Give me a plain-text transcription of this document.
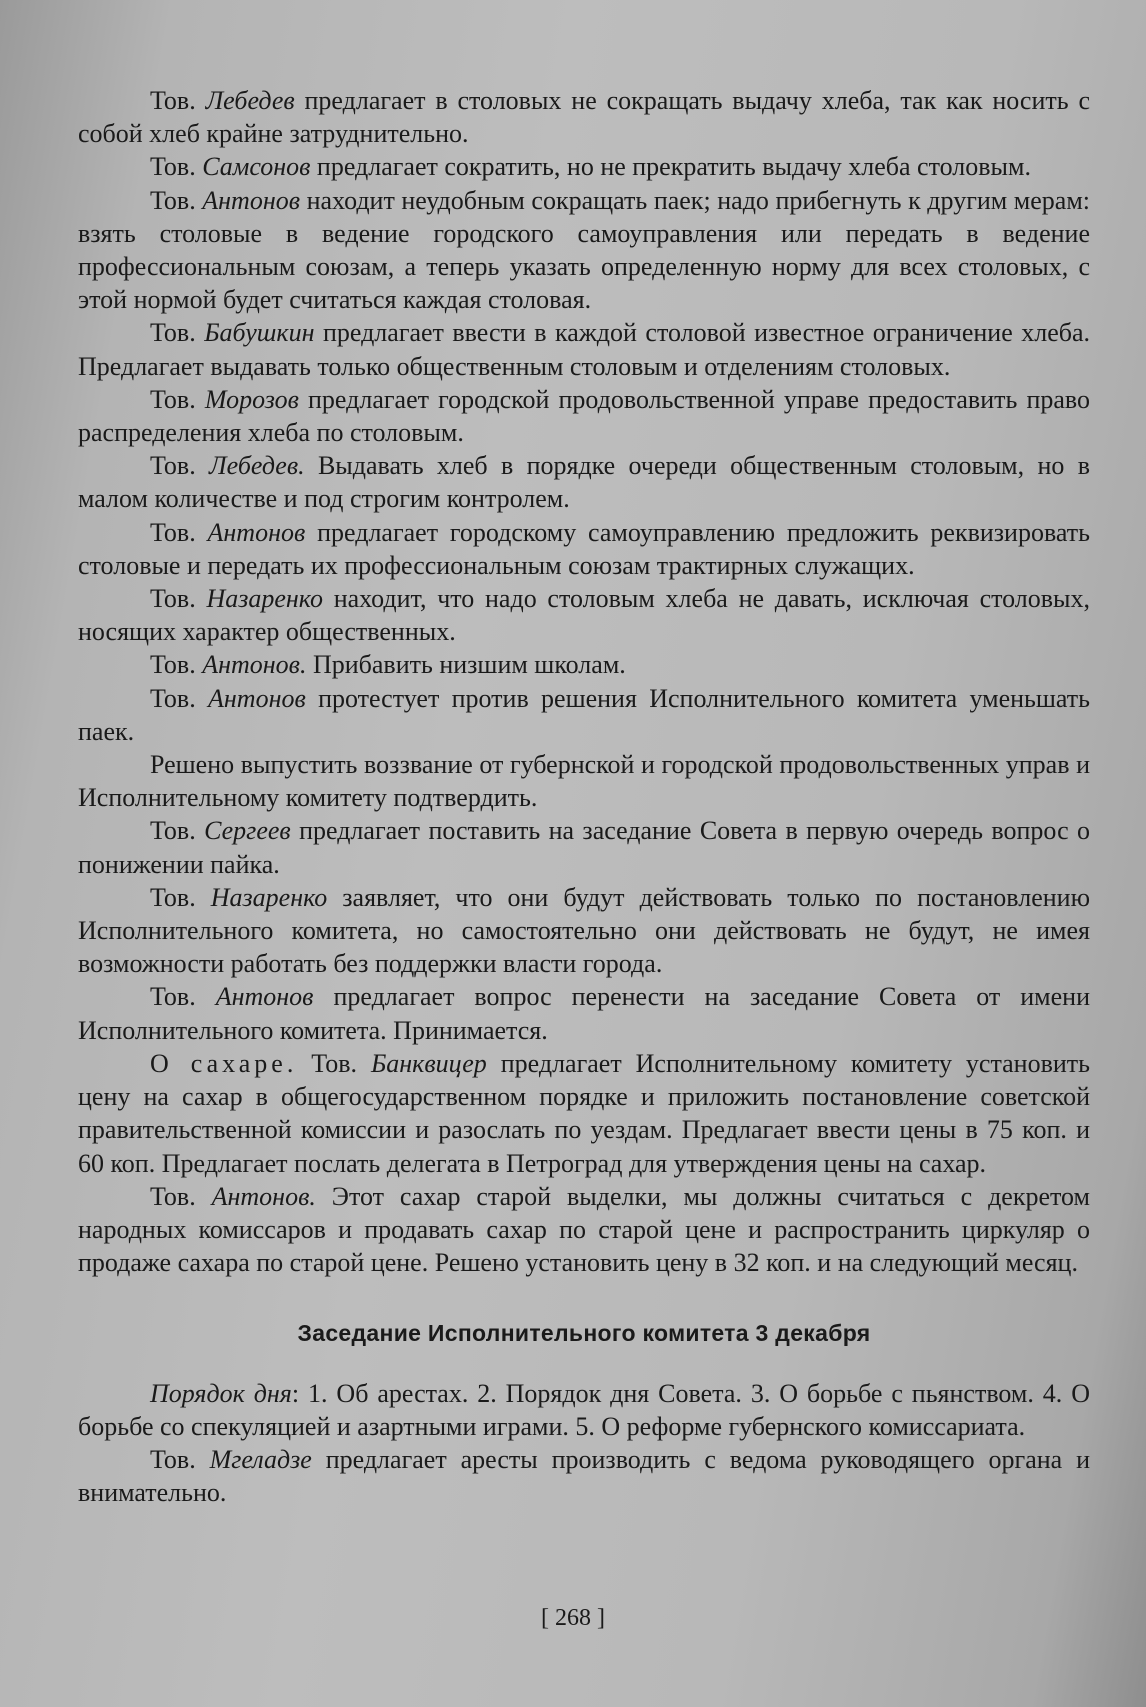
Тов. Лебедев предлагает в столовых не сокращать выдачу хлеба, так как носить с собой хлеб крайне затруднительно.

Тов. Самсонов предлагает сократить, но не прекратить выдачу хлеба столовым.

Тов. Антонов находит неудобным сокращать паек; надо прибегнуть к другим мерам: взять столовые в ведение городского самоуправления или передать в ведение профессиональным союзам, а теперь указать определенную норму для всех столовых, с этой нормой будет считаться каждая столовая.

Тов. Бабушкин предлагает ввести в каждой столовой известное ограничение хлеба. Предлагает выдавать только общественным столовым и отделениям столовых.

Тов. Морозов предлагает городской продовольственной управе предоставить право распределения хлеба по столовым.

Тов. Лебедев. Выдавать хлеб в порядке очереди общественным столовым, но в малом количестве и под строгим контролем.

Тов. Антонов предлагает городскому самоуправлению предложить реквизировать столовые и передать их профессиональным союзам трактирных служащих.

Тов. Назаренко находит, что надо столовым хлеба не давать, исключая столовых, носящих характер общественных.

Тов. Антонов. Прибавить низшим школам.

Тов. Антонов протестует против решения Исполнительного комитета уменьшать паек.

Решено выпустить воззвание от губернской и городской продовольственных управ и Исполнительному комитету подтвердить.

Тов. Сергеев предлагает поставить на заседание Совета в первую очередь вопрос о понижении пайка.

Тов. Назаренко заявляет, что они будут действовать только по постановлению Исполнительного комитета, но самостоятельно они действовать не будут, не имея возможности работать без поддержки власти города.

Тов. Антонов предлагает вопрос перенести на заседание Совета от имени Исполнительного комитета. Принимается.

О сахаре. Тов. Банквицер предлагает Исполнительному комитету установить цену на сахар в общегосударственном порядке и приложить постановление советской правительственной комиссии и разослать по уездам. Предлагает ввести цены в 75 коп. и 60 коп. Предлагает послать делегата в Петроград для утверждения цены на сахар.

Тов. Антонов. Этот сахар старой выделки, мы должны считаться с декретом народных комиссаров и продавать сахар по старой цене и распространить циркуляр о продаже сахара по старой цене. Решено установить цену в 32 коп. и на следующий месяц.

Заседание Исполнительного комитета 3 декабря

Порядок дня: 1. Об арестах. 2. Порядок дня Совета. 3. О борьбе с пьянством. 4. О борьбе со спекуляцией и азартными играми. 5. О реформе губернского комиссариата.

Тов. Мгеладзе предлагает аресты производить с ведома руководящего органа и внимательно.

[ 268 ]
